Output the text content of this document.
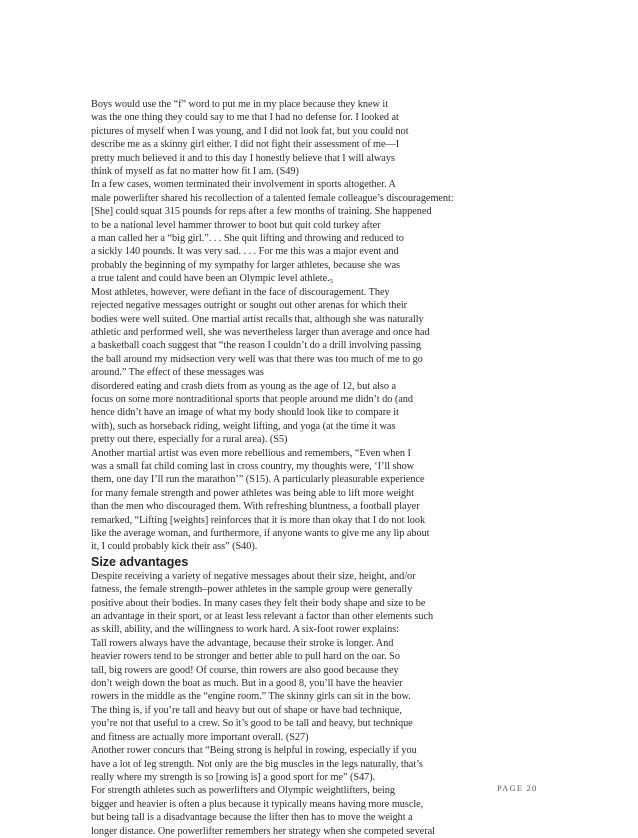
Boys would use the “f” word to put me in my place because they knew it
was the one thing they could say to me that I had no defense for. I looked at
pictures of myself when I was young, and I did not look fat, but you could not
describe me as a skinny girl either. I did not fight their assessment of me—I
pretty much believed it and to this day I honestly believe that I will always
think of myself as fat no matter how fit I am. (S49)
In a few cases, women terminated their involvement in sports altogether. A
male powerlifter shared his recollection of a talented female colleague’s discouragement:
[She] could squat 315 pounds for reps after a few months of training. She happened
to be a national level hammer thrower to boot but quit cold turkey after
a man called her a “big girl.”. . . She quit lifting and throwing and reduced to
a sickly 140 pounds. It was very sad. . . . For me this was a major event and
probably the beginning of my sympathy for larger athletes, because she was
a true talent and could have been an Olympic level athlete.₅
Most athletes, however, were defiant in the face of discouragement. They
rejected negative messages outright or sought out other arenas for which their
bodies were well suited. One martial artist recalls that, although she was naturally
athletic and performed well, she was nevertheless larger than average and once had
a basketball coach suggest that “the reason I couldn’t do a drill involving passing
the ball around my midsection very well was that there was too much of me to go
around.” The effect of these messages was
disordered eating and crash diets from as young as the age of 12, but also a
focus on some more nontraditional sports that people around me didn’t do (and
hence didn’t have an image of what my body should look like to compare it
with), such as horseback riding, weight lifting, and yoga (at the time it was
pretty out there, especially for a rural area). (S5)
Another martial artist was even more rebellious and remembers, “Even when I
was a small fat child coming last in cross country, my thoughts were, ‘I’ll show
them, one day I’ll run the marathon’” (S15). A particularly pleasurable experience
for many female strength and power athletes was being able to lift more weight
than the men who discouraged them. With refreshing bluntness, a football player
remarked, “Lifting [weights] reinforces that it is more than okay that I do not look
like the average woman, and furthermore, if anyone wants to give me any lip about
it, I could probably kick their ass” (S40).
Size advantages
Despite receiving a variety of negative messages about their size, height, and/or
fatness, the female strength–power athletes in the sample group were generally
positive about their bodies. In many cases they felt their body shape and size to be
an advantage in their sport, or at least less relevant a factor than other elements such
as skill, ability, and the willingness to work hard. A six-foot rower explains:
Tall rowers always have the advantage, because their stroke is longer. And
heavier rowers tend to be stronger and better able to pull hard on the oar. So
tall, big rowers are good! Of course, thin rowers are also good because they
don’t weigh down the boat as much. But in a good 8, you’ll have the heavier
rowers in the middle as the “engine room.” The skinny girls can sit in the bow.
The thing is, if you’re tall and heavy but out of shape or have bad technique,
you’re not that useful to a crew. So it’s good to be tall and heavy, but technique
and fitness are actually more important overall. (S27)
Another rower concurs that “Being strong is helpful in rowing, especially if you
have a lot of leg strength. Not only are the big muscles in the legs naturally, that’s
really where my strength is so [rowing is] a good sport for me” (S47).
For strength athletes such as powerlifters and Olympic weightlifters, being
bigger and heavier is often a plus because it typically means having more muscle,
but being tall is a disadvantage because the lifter then has to move the weight a
longer distance. One powerlifter remembers her strategy when she competed several
PAGE 20
